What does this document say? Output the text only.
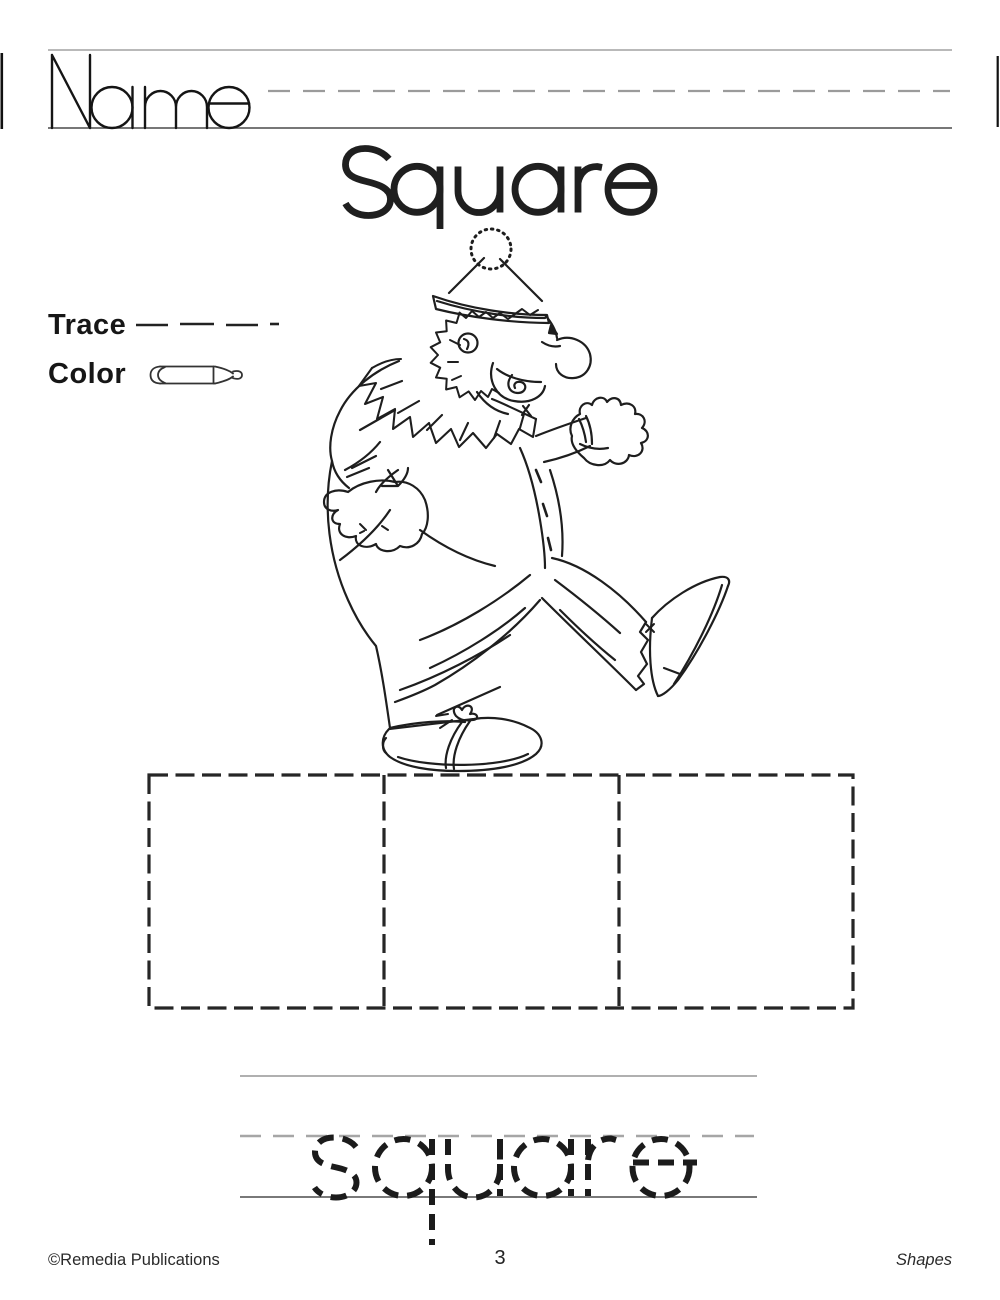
Trace
Color
©Remedia Publications	3	Shapes
